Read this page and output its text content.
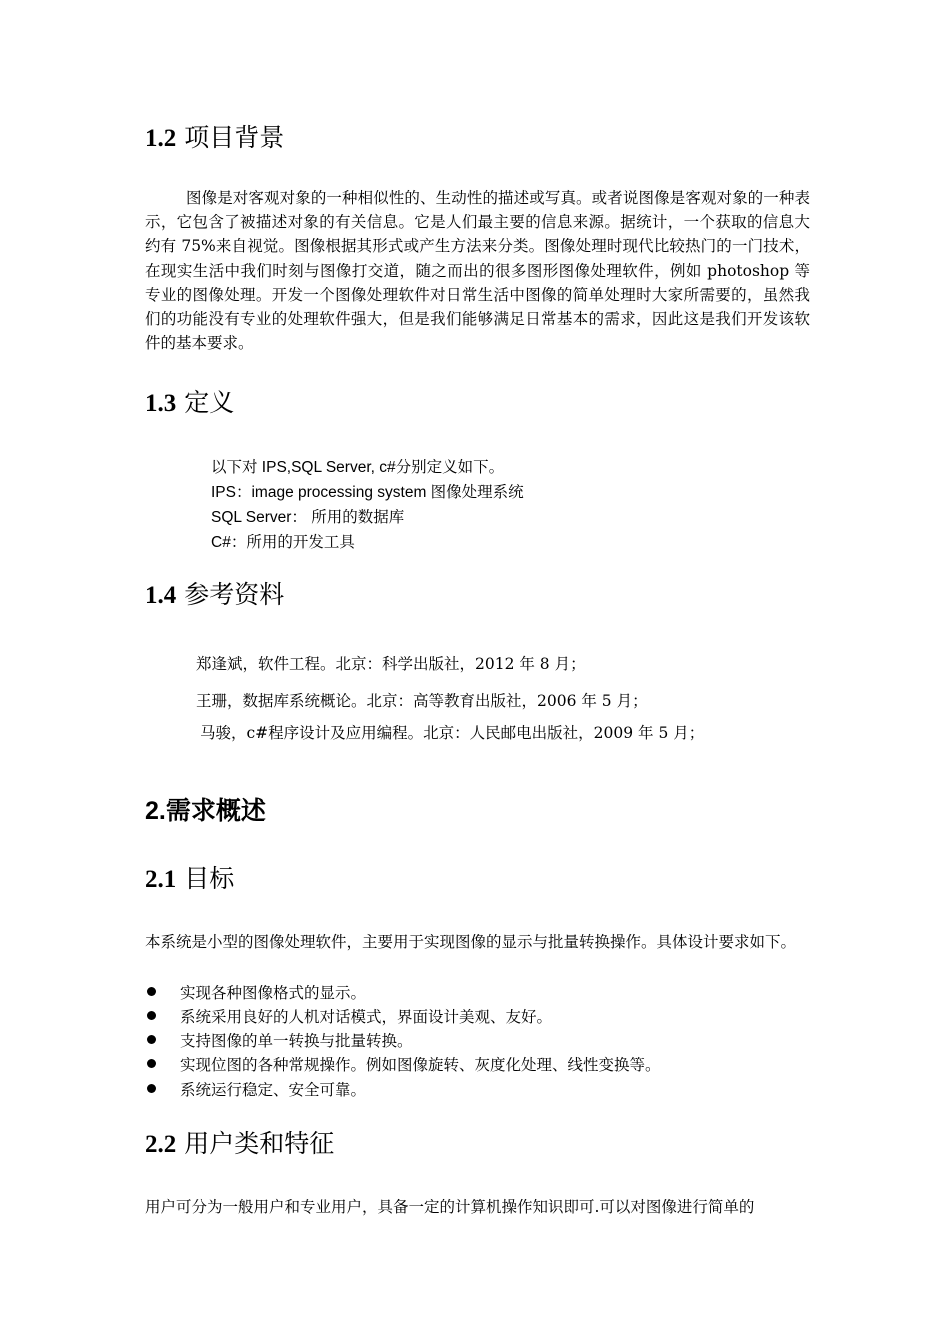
1.2 项目背景

图像是对客观对象的一种相似性的、生动性的描述或写真。或者说图像是客观对象的一种表示，它包含了被描述对象的有关信息。它是人们最主要的信息来源。据统计，一个获取的信息大约有 75%来自视觉。图像根据其形式或产生方法来分类。图像处理时现代比较热门的一门技术，在现实生活中我们时刻与图像打交道，随之而出的很多图形图像处理软件，例如 photoshop 等专业的图像处理。开发一个图像处理软件对日常生活中图像的简单处理时大家所需要的，虽然我们的功能没有专业的处理软件强大，但是我们能够满足日常基本的需求，因此这是我们开发该软件的基本要求。

1.3 定义

以下对 IPS,SQL Server, c#分别定义如下。

IPS：image processing system 图像处理系统

SQL Server： 所用的数据库

C#：所用的开发工具

1.4 参考资料

郑逢斌，软件工程。北京：科学出版社，2012 年 8 月；

王珊，数据库系统概论。北京：高等教育出版社，2006 年 5 月；

马骏，c#程序设计及应用编程。北京：人民邮电出版社，2009 年 5 月；

2.需求概述
2.1 目标

本系统是小型的图像处理软件，主要用于实现图像的显示与批量转换操作。具体设计要求如下。

实现各种图像格式的显示。

系统采用良好的人机对话模式，界面设计美观、友好。

支持图像的单一转换与批量转换。

实现位图的各种常规操作。例如图像旋转、灰度化处理、线性变换等。

系统运行稳定、安全可靠。

2.2 用户类和特征

用户可分为一般用户和专业用户，具备一定的计算机操作知识即可.可以对图像进行简单的
